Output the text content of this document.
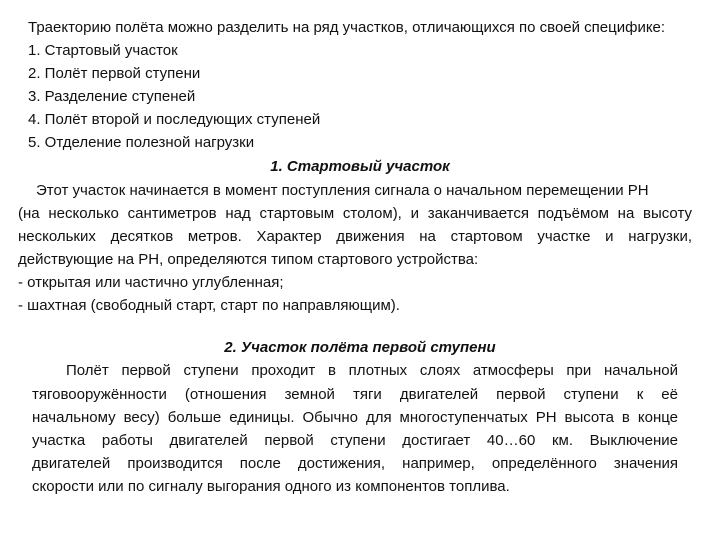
Траекторию полёта можно разделить на ряд участков, отличающихся по своей специфике:
1. Стартовый участок
2. Полёт первой ступени
3. Разделение ступеней
4. Полёт второй и последующих ступеней
5. Отделение полезной нагрузки
1. Стартовый участок
Этот участок начинается в момент поступления сигнала о начальном перемещении РН
(на несколько сантиметров над стартовым столом), и заканчивается подъёмом на высоту
нескольких десятков метров. Характер движения на стартовом участке и нагрузки,
действующие на РН, определяются типом стартового устройства:
- открытая или частично углубленная;
- шахтная (свободный старт, старт по направляющим).
2. Участок полёта первой ступени
Полёт первой ступени проходит в плотных слоях атмосферы при начальной
тяговооружённости (отношения земной тяги двигателей первой ступени к её
начальному весу) больше единицы. Обычно для многоступенчатых РН высота в конце
участка работы двигателей первой ступени достигает 40…60 км. Выключение
двигателей производится после достижения, например, определённого значения
скорости или по сигналу выгорания одного из компонентов топлива.
